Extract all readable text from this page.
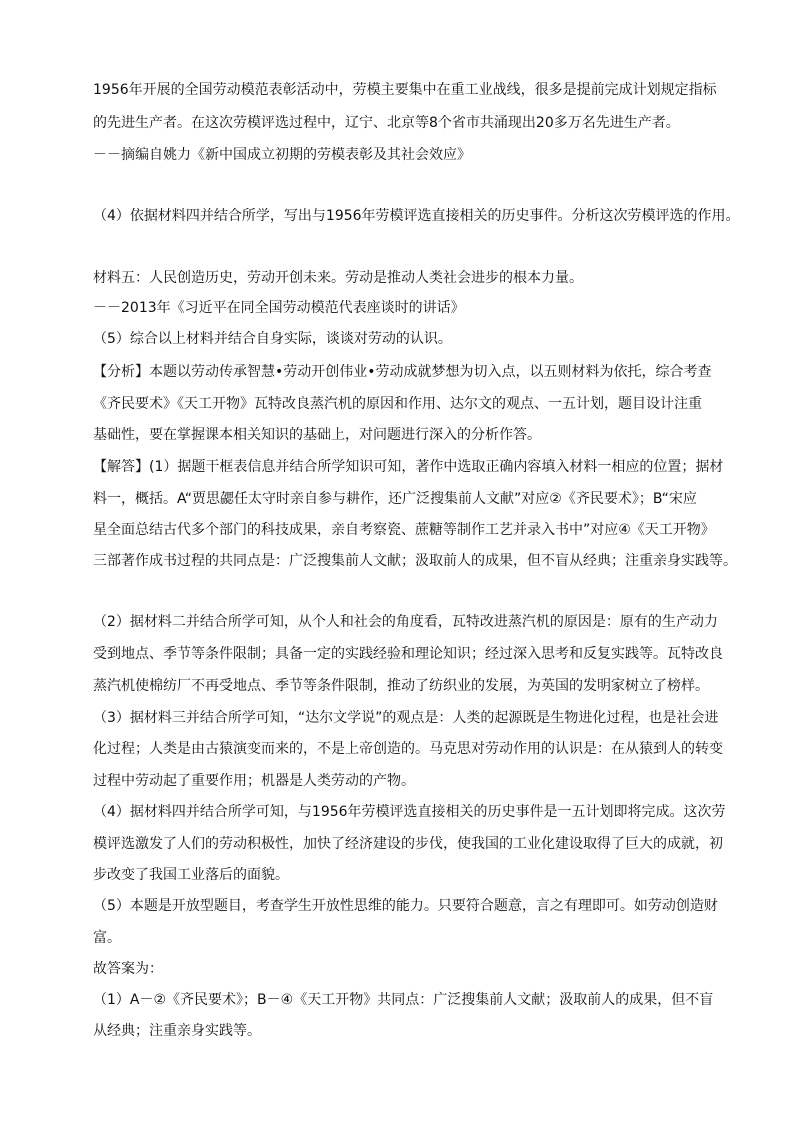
1956年开展的全国劳动模范表彰活动中，劳模主要集中在重工业战线，很多是提前完成计划规定指标

的先进生产者。在这次劳模评选过程中，辽宁、北京等8个省市共涌现出20多万名先进生产者。

－－摘编自姚力《新中国成立初期的劳模表彰及其社会效应》

（4）依据材料四并结合所学，写出与1956年劳模评选直接相关的历史事件。分析这次劳模评选的作用。

材料五：人民创造历史，劳动开创未来。劳动是推动人类社会进步的根本力量。

－－2013年《习近平在同全国劳动模范代表座谈时的讲话》

（5）综合以上材料并结合自身实际，谈谈对劳动的认识。

【分析】本题以劳动传承智慧•劳动开创伟业•劳动成就梦想为切入点，以五则材料为依托，综合考查

《齐民要术》《天工开物》瓦特改良蒸汽机的原因和作用、达尔文的观点、一五计划，题目设计注重

基础性，要在掌握课本相关知识的基础上，对问题进行深入的分析作答。

【解答】(1）据题干框表信息并结合所学知识可知，著作中选取正确内容填入材料一相应的位置；据材

料一，概括。A“贾思勰任太守时亲自参与耕作，还广泛搜集前人文献”对应②《齐民要术》；B“宋应

星全面总结古代多个部门的科技成果，亲自考察瓷、蔗糖等制作工艺并录入书中”对应④《天工开物》

三部著作成书过程的共同点是：广泛搜集前人文献；汲取前人的成果，但不盲从经典；注重亲身实践等。

（2）据材料二并结合所学可知，从个人和社会的角度看，瓦特改进蒸汽机的原因是：原有的生产动力

受到地点、季节等条件限制；具备一定的实践经验和理论知识；经过深入思考和反复实践等。瓦特改良

蒸汽机使棉纺厂不再受地点、季节等条件限制，推动了纺织业的发展，为英国的发明家树立了榜样。

（3）据材料三并结合所学可知，“达尔文学说”的观点是：人类的起源既是生物进化过程，也是社会进

化过程；人类是由古猿演变而来的，不是上帝创造的。马克思对劳动作用的认识是：在从猿到人的转变

过程中劳动起了重要作用；机器是人类劳动的产物。

（4）据材料四并结合所学可知，与1956年劳模评选直接相关的历史事件是一五计划即将完成。这次劳

模评选激发了人们的劳动积极性，加快了经济建设的步伐，使我国的工业化建设取得了巨大的成就，初

步改变了我国工业落后的面貌。

（5）本题是开放型题目，考查学生开放性思维的能力。只要符合题意，言之有理即可。如劳动创造财

富。

故答案为：

（1）A－②《齐民要术》；B－④《天工开物》共同点：广泛搜集前人文献；汲取前人的成果，但不盲

从经典；注重亲身实践等。
